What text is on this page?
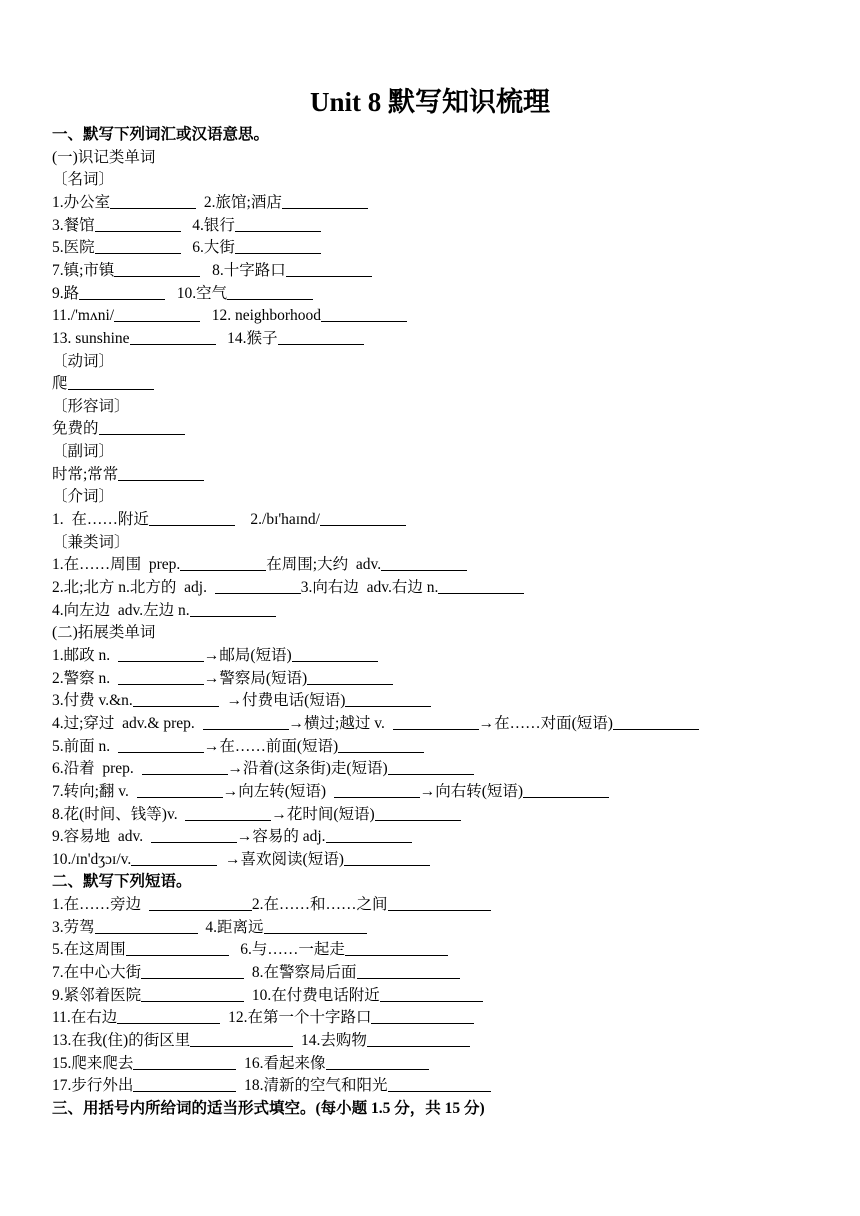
Unit 8 默写知识梳理
一、默写下列词汇或汉语意思。
(一)识记类单词
〔名词〕
1.办公室	2.旅馆;酒店
3.餐馆	4.银行
5.医院	6.大街
7.镇;市镇	8.十字路口
9.路	10.空气
11./'mʌni/	12. neighborhood
13. sunshine	14.猴子
〔动词〕
爬
〔形容词〕
免费的
〔副词〕
时常;常常
〔介词〕
1.  在……附近	2./bɪ'haɪnd/
〔兼类词〕
1.在……周围  prep.	在周围;大约  adv.
2.北;北方 n.北方的  adj.	3.向右边  adv.右边 n.
4.向左边  adv.左边 n.
(二)拓展类单词
1.邮政 n.	→邮局(短语)
2.警察 n.	→警察局(短语)
3.付费 v.&n.	→付费电话(短语)
4.过;穿过  adv.& prep.	→横过;越过 v.	→在……对面(短语)
5.前面 n.	→在……前面(短语)
6.沿着  prep.	→沿着(这条街)走(短语)
7.转向;翻 v.	→向左转(短语)	→向右转(短语)
8.花(时间、钱等)v.	→花时间(短语)
9.容易地  adv.	→容易的 adj.
10./ɪn'dʒɔɪ/v.	→喜欢阅读(短语)
二、默写下列短语。
1.在……旁边	2.在……和……之间
3.劳驾	4.距离远
5.在这周围	6.与……一起走
7.在中心大街	8.在警察局后面
9.紧邻着医院	10.在付费电话附近
11.在右边	12.在第一个十字路口
13.在我(住)的街区里	14.去购物
15.爬来爬去	16.看起来像
17.步行外出	18.清新的空气和阳光
三、用括号内所给词的适当形式填空。(每小题 1.5 分，共 15 分)
